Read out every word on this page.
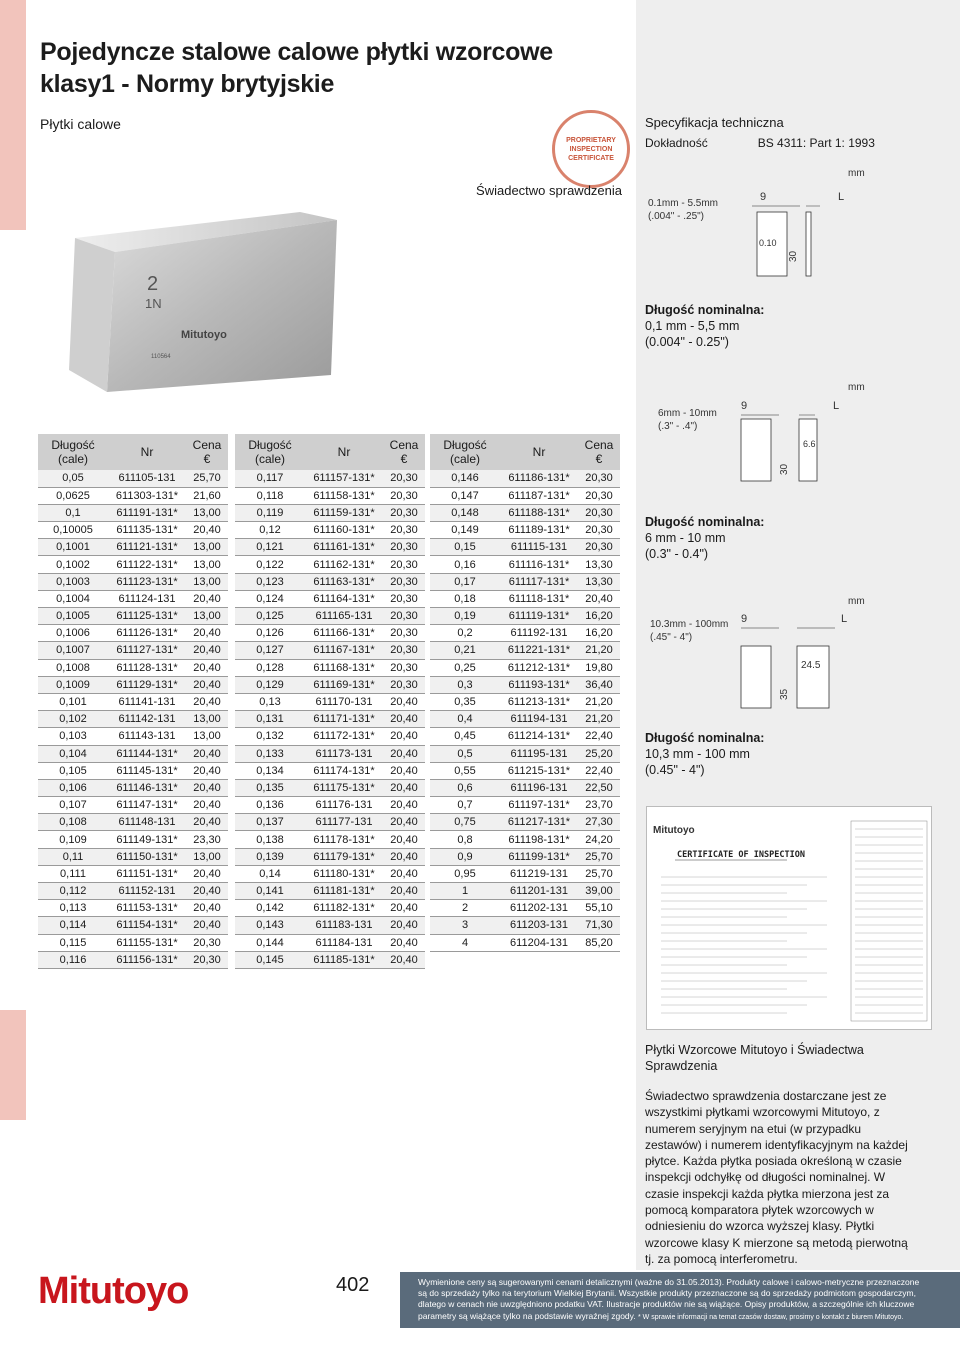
Pojedyncze stalowe calowe płytki wzorcowe
klasy1 - Normy brytyjskie
Płytki calowe
PROPRIETARY
INSPECTION
CERTIFICATE
Świadectwo sprawdzenia
2
1N
Mitutoyo
110564
Specyfikacja techniczna
Dokładność	BS 4311: Part 1: 1993
mm
0.1mm - 5.5mm
(.004" - .25")
9	L
0.10
30
Długość nominalna:
0,1 mm - 5,5 mm
(0.004" - 0.25")
mm
6mm - 10mm
(.3" - .4")
9	L
6.6
30
Długość nominalna:
6 mm - 10 mm
(0.3" - 0.4")
mm
10.3mm - 100mm
(.45" - 4")
9	L
24.5
35
Długość nominalna:
10,3 mm - 100 mm
(0.45" - 4")
Długość
(cale)	Nr	Cena €
0,05	611105-131	25,70
0,0625	611303-131*	21,60
0,1	611191-131*	13,00
0,10005	611135-131*	20,40
0,1001	611121-131*	13,00
0,1002	611122-131*	13,00
0,1003	611123-131*	13,00
0,1004	611124-131	20,40
0,1005	611125-131*	13,00
0,1006	611126-131*	20,40
0,1007	611127-131*	20,40
0,1008	611128-131*	20,40
0,1009	611129-131*	20,40
0,101	611141-131	20,40
0,102	611142-131	13,00
0,103	611143-131	13,00
0,104	611144-131*	20,40
0,105	611145-131*	20,40
0,106	611146-131*	20,40
0,107	611147-131*	20,40
0,108	611148-131	20,40
0,109	611149-131*	23,30
0,11	611150-131*	13,00
0,111	611151-131*	20,40
0,112	611152-131	20,40
0,113	611153-131*	20,40
0,114	611154-131*	20,40
0,115	611155-131*	20,30
0,116	611156-131*	20,30
Długość
(cale)	Nr	Cena €
0,117	611157-131*	20,30
0,118	611158-131*	20,30
0,119	611159-131*	20,30
0,12	611160-131*	20,30
0,121	611161-131*	20,30
0,122	611162-131*	20,30
0,123	611163-131*	20,30
0,124	611164-131*	20,30
0,125	611165-131	20,30
0,126	611166-131*	20,30
0,127	611167-131*	20,30
0,128	611168-131*	20,30
0,129	611169-131*	20,30
0,13	611170-131	20,40
0,131	611171-131*	20,40
0,132	611172-131*	20,40
0,133	611173-131	20,40
0,134	611174-131*	20,40
0,135	611175-131*	20,40
0,136	611176-131	20,40
0,137	611177-131	20,40
0,138	611178-131*	20,40
0,139	611179-131*	20,40
0,14	611180-131*	20,40
0,141	611181-131*	20,40
0,142	611182-131*	20,40
0,143	611183-131	20,40
0,144	611184-131	20,40
0,145	611185-131*	20,40
Długość
(cale)	Nr	Cena €
0,146	611186-131*	20,30
0,147	611187-131*	20,30
0,148	611188-131*	20,30
0,149	611189-131*	20,30
0,15	611115-131	20,30
0,16	611116-131*	13,30
0,17	611117-131*	13,30
0,18	611118-131*	20,40
0,19	611119-131*	16,20
0,2	611192-131	16,20
0,21	611221-131*	21,20
0,25	611212-131*	19,80
0,3	611193-131*	36,40
0,35	611213-131*	21,20
0,4	611194-131	21,20
0,45	611214-131*	22,40
0,5	611195-131	25,20
0,55	611215-131*	22,40
0,6	611196-131	22,50
0,7	611197-131*	23,70
0,75	611217-131*	27,30
0,8	611198-131*	24,20
0,9	611199-131*	25,70
0,95	611219-131	25,70
1	611201-131	39,00
2	611202-131	55,10
3	611203-131	71,30
4	611204-131	85,20
Mitutoyo
CERTIFICATE OF INSPECTION
Płytki Wzorcowe Mitutoyo i Świadectwa Sprawdzenia
Świadectwo sprawdzenia dostarczane jest ze wszystkimi płytkami wzorcowymi Mitutoyo, z numerem seryjnym na etui (w przypadku zestawów) i numerem identyfikacyjnym na każdej płytce. Każda płytka posiada określoną w czasie inspekcji odchyłkę od długości nominalnej. W czasie inspekcji każda płytka mierzona jest za pomocą komparatora płytek wzorcowych w odniesieniu do wzorca wyższej klasy. Płytki wzorcowe klasy K mierzone są metodą pierwotną tj. za pomocą interferometru.
Mitutoyo	402	Wymienione ceny są sugerowanymi cenami detalicznymi (ważne do 31.05.2013). Produkty calowe i calowo-metryczne przeznaczone są do sprzedaży tylko na terytorium Wielkiej Brytanii. Wszystkie produkty przeznaczone są do sprzedaży podmiotom gospodarczym, dlatego w cenach nie uwzględniono podatku VAT. Ilustracje produktów nie są wiążące. Opisy produktów, a szczególnie ich kluczowe parametry są wiążące tylko na podstawie wyraźnej zgody. * W sprawie informacji na temat czasów dostaw, prosimy o kontakt z biurem Mitutoyo.
